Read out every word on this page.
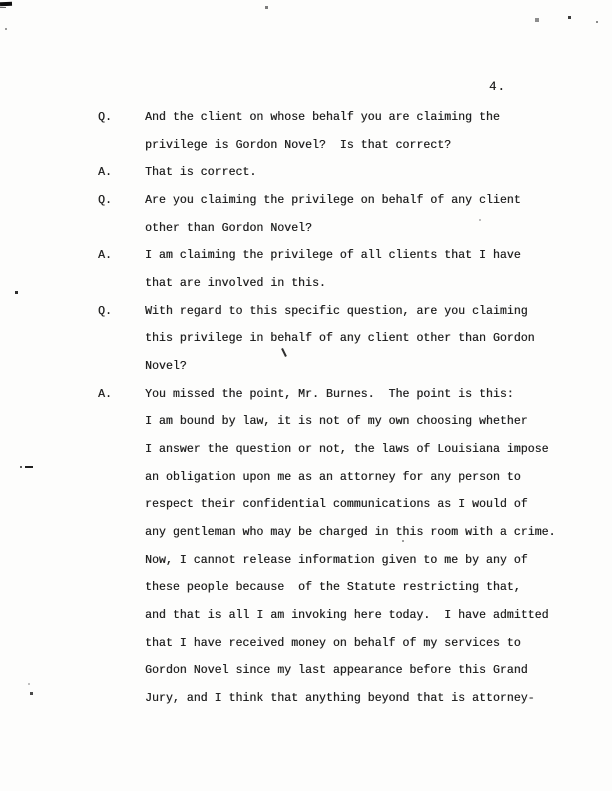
4.
Q.	And the client on whose behalf you are claiming the
privilege is Gordon Novel?  Is that correct?
A.	That is correct.
Q.	Are you claiming the privilege on behalf of any client
other than Gordon Novel?
A.	I am claiming the privilege of all clients that I have
that are involved in this.
Q.	With regard to this specific question, are you claiming
this privilege in behalf of any client other than Gordon
Novel?
A.	You missed the point, Mr. Burnes.  The point is this:
I am bound by law, it is not of my own choosing whether
I answer the question or not, the laws of Louisiana impose
an obligation upon me as an attorney for any person to
respect their confidential communications as I would of
any gentleman who may be charged in this room with a crime.
Now, I cannot release information given to me by any of
these people because  of the Statute restricting that,
and that is all I am invoking here today.  I have admitted
that I have received money on behalf of my services to
Gordon Novel since my last appearance before this Grand
Jury, and I think that anything beyond that is attorney-
